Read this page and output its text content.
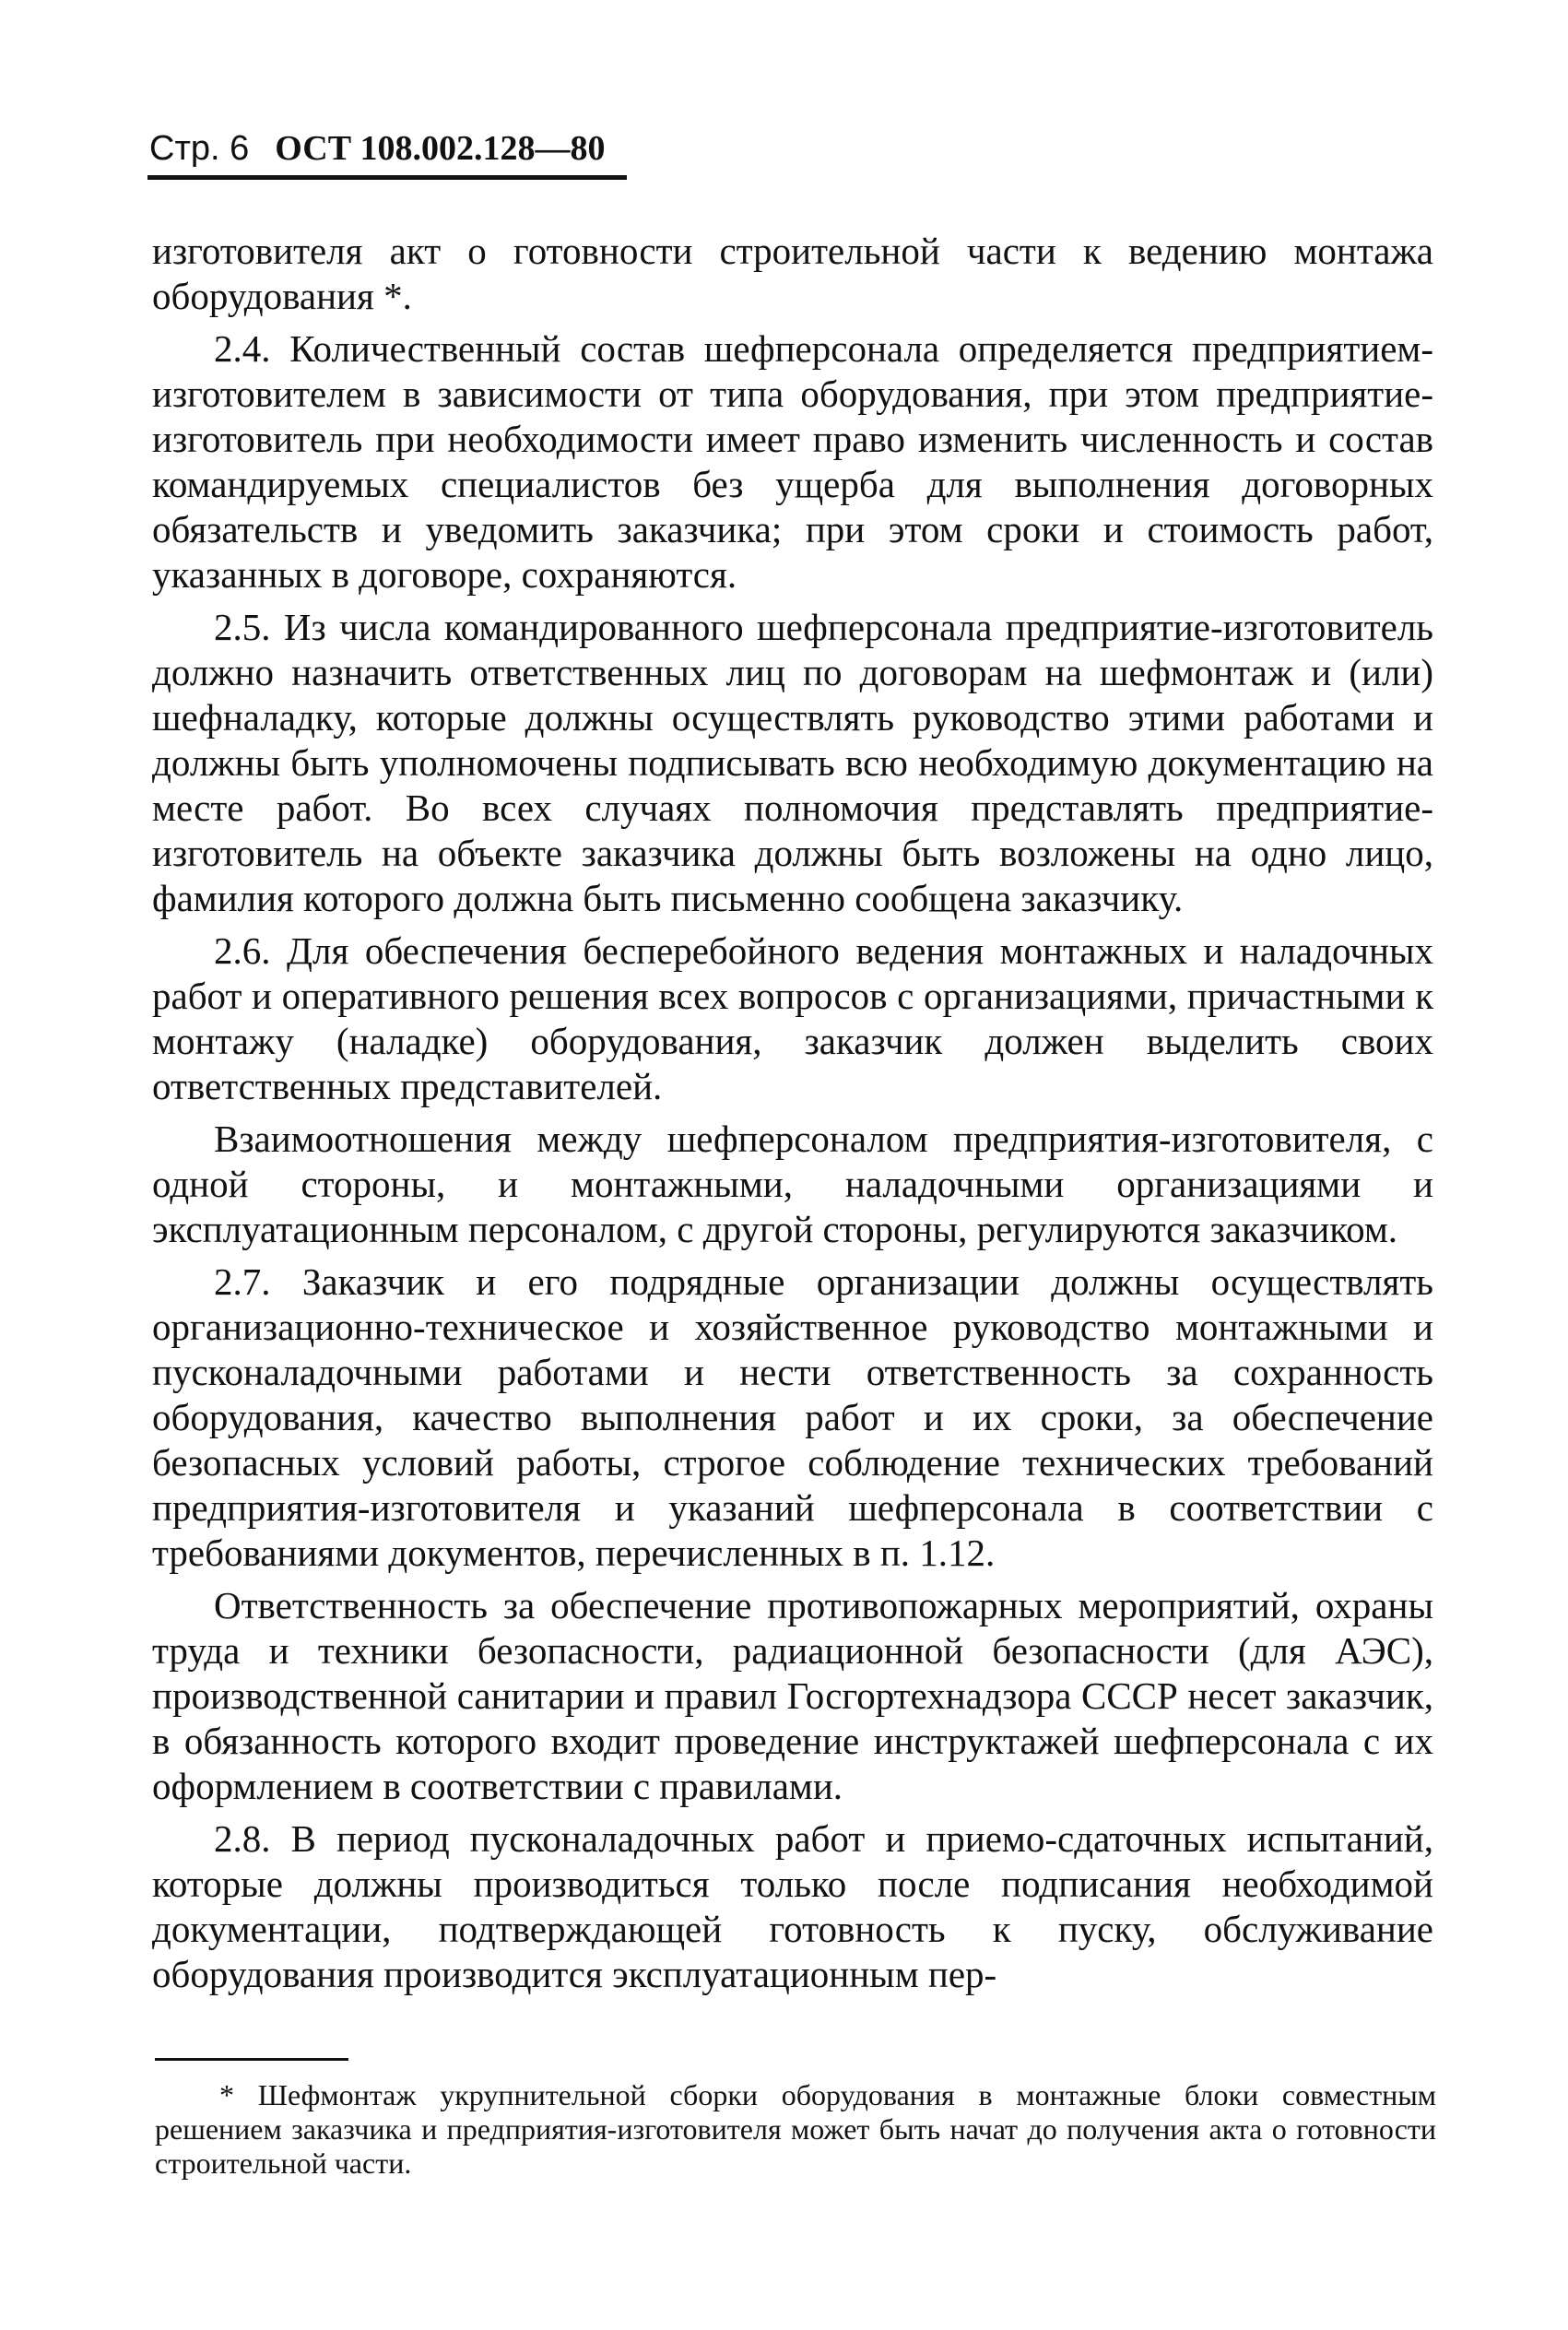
Стр. 6 ОСТ 108.002.128—80

изготовителя акт о готовности строительной части к ведению монтажа оборудования *.

2.4. Количественный состав шефперсонала определяется предприятием-изготовителем в зависимости от типа оборудования, при этом предприятие-изготовитель при необходимости имеет право изменить численность и состав командируемых специалистов без ущерба для выполнения договорных обязательств и уведомить заказчика; при этом сроки и стоимость работ, указанных в договоре, сохраняются.

2.5. Из числа командированного шефперсонала предприятие-изготовитель должно назначить ответственных лиц по договорам на шефмонтаж и (или) шефналадку, которые должны осуществлять руководство этими работами и должны быть уполномочены подписывать всю необходимую документацию на месте работ. Во всех случаях полномочия представлять предприятие-изготовитель на объекте заказчика должны быть возложены на одно лицо, фамилия которого должна быть письменно сообщена заказчику.

2.6. Для обеспечения бесперебойного ведения монтажных и наладочных работ и оперативного решения всех вопросов с организациями, причастными к монтажу (наладке) оборудования, заказчик должен выделить своих ответственных представителей.

Взаимоотношения между шефперсоналом предприятия-изготовителя, с одной стороны, и монтажными, наладочными организациями и эксплуатационным персоналом, с другой стороны, регулируются заказчиком.

2.7. Заказчик и его подрядные организации должны осуществлять организационно-техническое и хозяйственное руководство монтажными и пусконаладочными работами и нести ответственность за сохранность оборудования, качество выполнения работ и их сроки, за обеспечение безопасных условий работы, строгое соблюдение технических требований предприятия-изготовителя и указаний шефперсонала в соответствии с требованиями документов, перечисленных в п. 1.12.

Ответственность за обеспечение противопожарных мероприятий, охраны труда и техники безопасности, радиационной безопасности (для АЭС), производственной санитарии и правил Госгортехнадзора СССР несет заказчик, в обязанность которого входит проведение инструктажей шефперсонала с их оформлением в соответствии с правилами.

2.8. В период пусконаладочных работ и приемо-сдаточных испытаний, которые должны производиться только после подписания необходимой документации, подтверждающей готовность к пуску, обслуживание оборудования производится эксплуатационным пер-

* Шефмонтаж укрупнительной сборки оборудования в монтажные блоки совместным решением заказчика и предприятия-изготовителя может быть начат до получения акта о готовности строительной части.
